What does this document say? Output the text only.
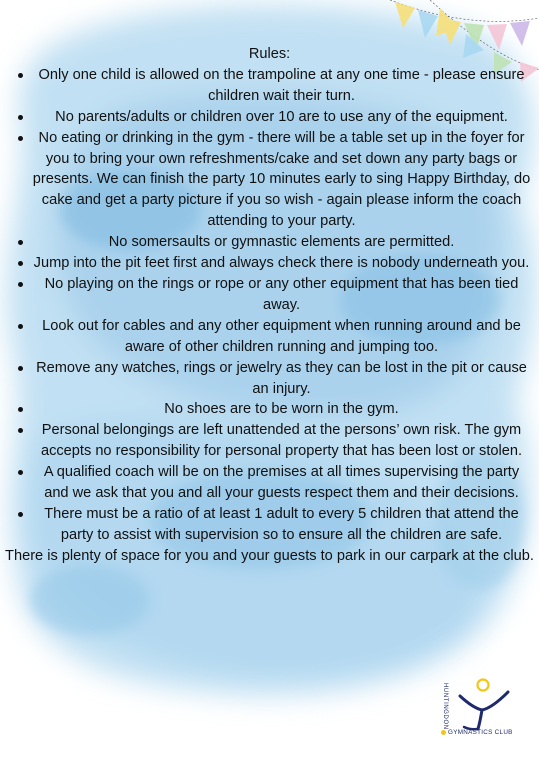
Rules:

Only one child is allowed on the trampoline at any one time - please ensure children wait their turn.
No parents/adults or children over 10 are to use any of the equipment.
No eating or drinking in the gym - there will be a table set up in the foyer for you to bring your own refreshments/cake and set down any party bags or presents. We can finish the party 10 minutes early to sing Happy Birthday, do cake and get a party picture if you so wish - again please inform the coach attending to your party.
No somersaults or gymnastic elements are permitted.
Jump into the pit feet first and always check there is nobody underneath you.
No playing on the rings or rope or any other equipment that has been tied away.
Look out for cables and any other equipment when running around and be aware of other children running and jumping too.
Remove any watches, rings or jewelry as they can be lost in the pit or cause an injury.
No shoes are to be worn in the gym.
Personal belongings are left unattended at the persons’ own risk. The gym accepts no responsibility for personal property that has been lost or stolen.
A qualified coach will be on the premises at all times supervising the party and we ask that you and all your guests respect them and their decisions.
There must be a ratio of at least 1 adult to every 5 children that attend the party to assist with supervision so to ensure all the children are safe.

There is plenty of space for you and your guests to park in our carpark at the club.

HUNTINGDON
GYMNASTICS CLUB
